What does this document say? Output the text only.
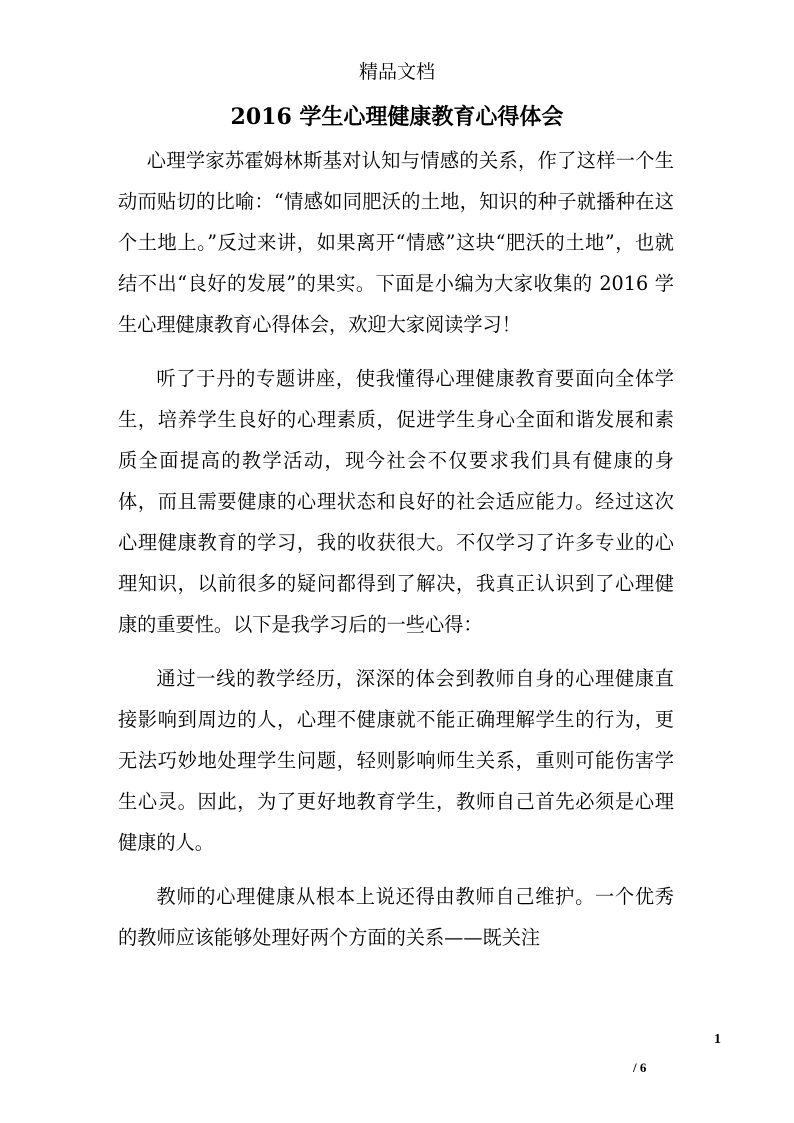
精品文档
2016 学生心理健康教育心得体会

心理学家苏霍姆林斯基对认知与情感的关系，作了这样一个生动而贴切的比喻：“情感如同肥沃的土地，知识的种子就播种在这个土地上。”反过来讲，如果离开“情感”这块“肥沃的土地”，也就结不出“良好的发展”的果实。下面是小编为大家收集的 2016 学生心理健康教育心得体会，欢迎大家阅读学习！

听了于丹的专题讲座，使我懂得心理健康教育要面向全体学生，培养学生良好的心理素质，促进学生身心全面和谐发展和素质全面提高的教学活动，现今社会不仅要求我们具有健康的身体，而且需要健康的心理状态和良好的社会适应能力。经过这次心理健康教育的学习，我的收获很大。不仅学习了许多专业的心理知识，以前很多的疑问都得到了解决，我真正认识到了心理健康的重要性。以下是我学习后的一些心得：

通过一线的教学经历，深深的体会到教师自身的心理健康直接影响到周边的人，心理不健康就不能正确理解学生的行为，更无法巧妙地处理学生问题，轻则影响师生关系，重则可能伤害学生心灵。因此，为了更好地教育学生，教师自己首先必须是心理健康的人。

教师的心理健康从根本上说还得由教师自己维护。一个优秀的教师应该能够处理好两个方面的关系——既关注

1
/ 6
